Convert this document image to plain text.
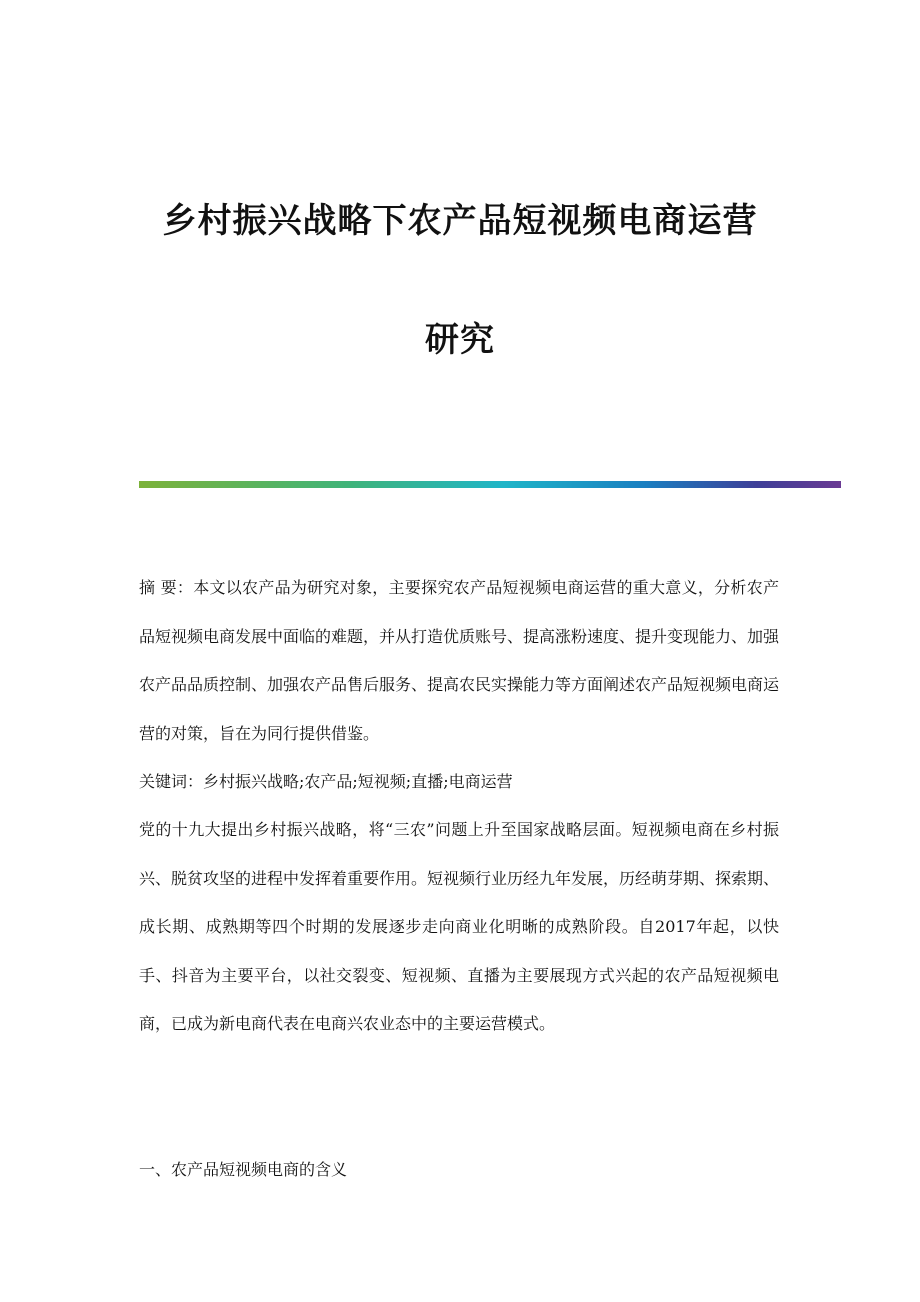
乡村振兴战略下农产品短视频电商运营
研究
摘 要：本文以农产品为研究对象，主要探究农产品短视频电商运营的重大意义，分析农产品短视频电商发展中面临的难题，并从打造优质账号、提高涨粉速度、提升变现能力、加强农产品品质控制、加强农产品售后服务、提高农民实操能力等方面阐述农产品短视频电商运营的对策，旨在为同行提供借鉴。
关键词：乡村振兴战略;农产品;短视频;直播;电商运营
党的十九大提出乡村振兴战略，将“三农”问题上升至国家战略层面。短视频电商在乡村振兴、脱贫攻坚的进程中发挥着重要作用。短视频行业历经九年发展，历经萌芽期、探索期、成长期、成熟期等四个时期的发展逐步走向商业化明晰的成熟阶段。自2017年起，以快手、抖音为主要平台，以社交裂变、短视频、直播为主要展现方式兴起的农产品短视频电商，已成为新电商代表在电商兴农业态中的主要运营模式。
一、农产品短视频电商的含义
